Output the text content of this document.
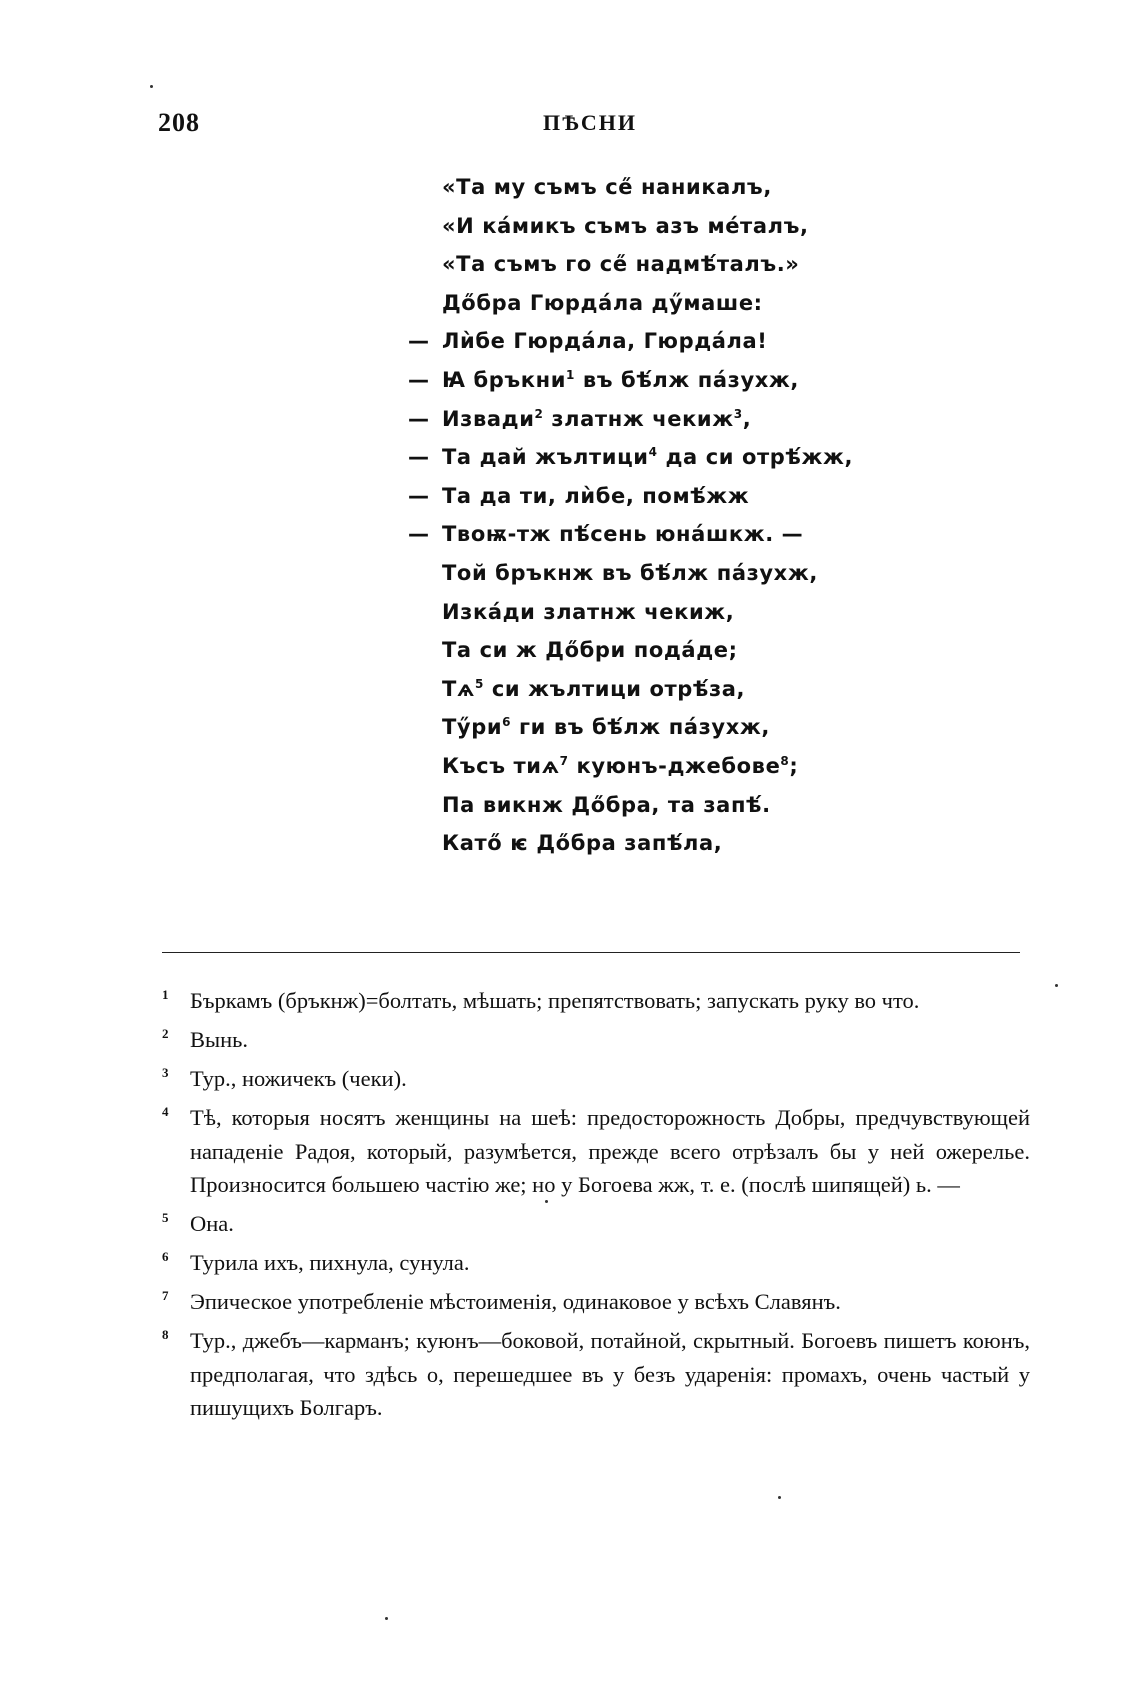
208	ПѢСНИ
«Та му съмъ се̋ наникалъ,
«И кáмикъ съмъ азъ мéталъ,
«Та съмъ го се̋ надмѣ́талъ.»
До̋бра Гюрдáла дӳмаше:
— Лѝбе Гюрдáла, Гюрдáла!
— Ꙗ бръкни$^1$ въ бѣ́лж пáзухж,
— Извади$^2$ златнж чекиж$^3$,
— Та дай жълтици$^4$ да си отрѣ́жж,
— Та да ти, лѝбе, помѣ́жж
— Твоѭ-тж пѣ́сень юнáшкж. —
Той бръкнж въ бѣ́лж пáзухж,
Изкáди златнж чекиж,
Та си ж До̋бри подáде;
$Тѧ^5$ си жълтици отрѣ́за,
Тӳри$^6$ ги въ бѣ́лж пáзухж,
Късъ тиѧ$^7$ куюнъ-джебове$^8$;
Па викнж До̋бра, та запѣ́.
Като̋ ѥ До̋бра запѣ́ла,
1 Бъркамъ (бръкнж)=болтать, мѣшать; препятствовать; запускать руку во что.
2 Вынь.
3 Тур., ножичекъ (чеки).
4 Тѣ, которыя носятъ женщины на шеѣ: предосторожность Добры, предчувствующей нападеніе Радоя, который, разумѣется, прежде всего отрѣзалъ бы у ней ожерелье. Произносится большею частію же; но у Богоева жж, т. е. (послѣ шипящей) ь. —
5 Она.
6 Турила ихъ, пихнула, сунула.
7 Эпическое употребленіе мѣстоименія, одинаковое у всѣхъ Славянъ.
8 Тур., джебъ—карманъ; куюнъ—боковой, потайной, скрытный. Богоевъ пишетъ коюнъ, предполагая, что здѣсь о, перешедшее въ у безъ ударенія: промахъ, очень частый у пишущихъ Болгаръ.
